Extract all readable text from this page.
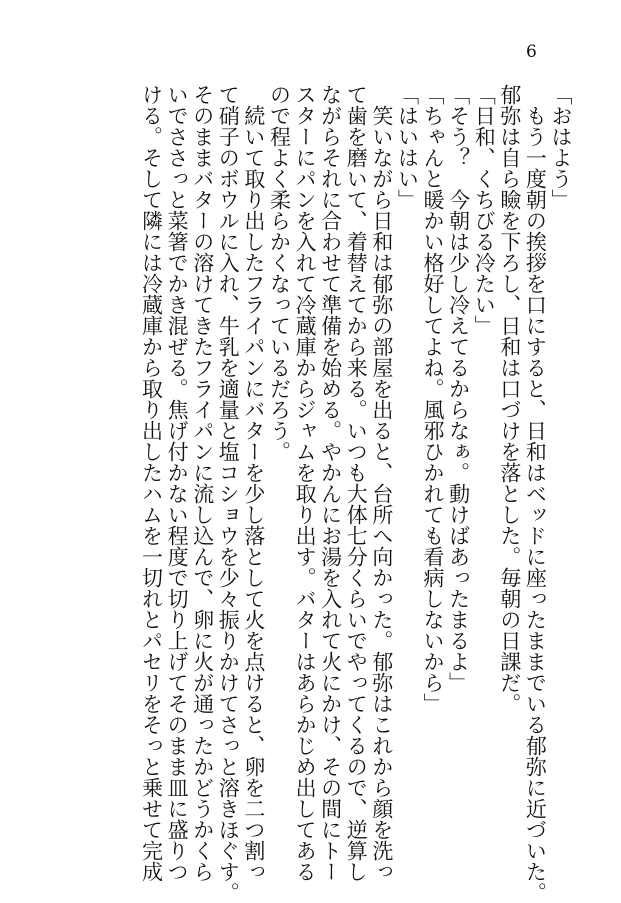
6
「おはよう」
　もう一度朝の挨拶を口にすると、日和はベッドに座ったままでいる郁弥に近づいた。
郁弥は自ら瞼を下ろし、日和は口づけを落とした。毎朝の日課だ。
「日和、くちびる冷たい」
「そう？　今朝は少し冷えてるからなぁ。動けばあったまるよ」
「ちゃんと暖かい格好してよね。風邪ひかれても看病しないから」
「はいはい」
　笑いながら日和は郁弥の部屋を出ると、台所へ向かった。郁弥はこれから顔を洗っ
て歯を磨いて、着替えてから来る。いつも大体七分くらいでやってくるので、逆算し
ながらそれに合わせて準備を始める。やかんにお湯を入れて火にかけ、その間にトー
スターにパンを入れて冷蔵庫からジャムを取り出す。バターはあらかじめ出してある
ので程よく柔らかくなっているだろう。
　続いて取り出したフライパンにバターを少し落として火を点けると、卵を二つ割っ
て硝子のボウルに入れ、牛乳を適量と塩コショウを少々振りかけてさっと溶きほぐす。
そのままバターの溶けてきたフライパンに流し込んで、卵に火が通ったかどうかくら
いでささっと菜箸でかき混ぜる。焦げ付かない程度で切り上げてそのまま皿に盛りつ
ける。そして隣には冷蔵庫から取り出したハムを一切れとパセリをそっと乗せて完成
